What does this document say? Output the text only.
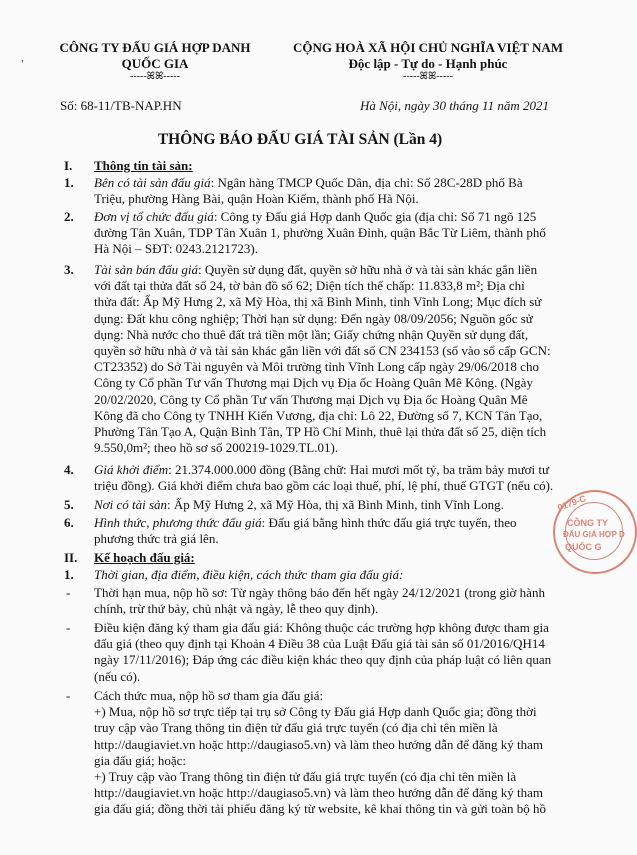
,
CÔNG TY ĐẤU GIÁ HỢP DANH
QUỐC GIA
-----ꕤꕤ-----
CỘNG HOÀ XÃ HỘI CHỦ NGHĨA VIỆT NAM
Độc lập - Tự do - Hạnh phúc
-----ꕤꕤ-----
Số: 68-11/TB-NAP.HN	Hà Nội, ngày 30 tháng 11 năm 2021
THÔNG BÁO ĐẤU GIÁ TÀI SẢN (Lần 4)
I. Thông tin tài sản:
1. Bên có tài sản đấu giá: Ngân hàng TMCP Quốc Dân, địa chỉ: Số 28C-28D phố Bà
Triệu, phường Hàng Bài, quận Hoàn Kiếm, thành phố Hà Nội.
2. Đơn vị tổ chức đấu giá: Công ty Đấu giá Hợp danh Quốc gia (địa chỉ: Số 71 ngõ 125
đường Tân Xuân, TDP Tân Xuân 1, phường Xuân Đỉnh, quận Bắc Từ Liêm, thành phố
Hà Nội – SĐT: 0243.2121723).
3. Tài sản bán đấu giá: Quyền sử dụng đất, quyền sở hữu nhà ở và tài sản khác gắn liền
với đất tại thửa đất số 24, tờ bản đồ số 62; Diện tích thế chấp: 11.833,8 m²; Địa chỉ
thửa đất: Ấp Mỹ Hưng 2, xã Mỹ Hòa, thị xã Bình Minh, tỉnh Vĩnh Long; Mục đích sử
dụng: Đất khu công nghiệp; Thời hạn sử dụng: Đến ngày 08/09/2056; Nguồn gốc sử
dụng: Nhà nước cho thuê đất trả tiền một lần; Giấy chứng nhận Quyền sử dụng đất,
quyền sở hữu nhà ở và tài sản khác gắn liền với đất số CN 234153 (số vào sổ cấp GCN:
CT23352) do Sở Tài nguyên và Môi trường tỉnh Vĩnh Long cấp ngày 29/06/2018 cho
Công ty Cổ phần Tư vấn Thương mại Dịch vụ Địa ốc Hoàng Quân Mê Kông. (Ngày
20/02/2020, Công ty Cổ phần Tư vấn Thương mại Dịch vụ Địa ốc Hoàng Quân Mê
Kông đã cho Công ty TNHH Kiến Vương, địa chỉ: Lô 22, Đường số 7, KCN Tân Tạo,
Phường Tân Tạo A, Quận Bình Tân, TP Hồ Chí Minh, thuê lại thửa đất số 25, diện tích
9.550,0m²; theo hồ sơ số 200219-1029.TL.01).
4. Giá khởi điểm: 21.374.000.000 đồng (Bằng chữ: Hai mươi mốt tỷ, ba trăm bảy mươi tư
triệu đồng). Giá khởi điểm chưa bao gồm các loại thuế, phí, lệ phí, thuế GTGT (nếu có).
5. Nơi có tài sản: Ấp Mỹ Hưng 2, xã Mỹ Hòa, thị xã Bình Minh, tỉnh Vĩnh Long.
6. Hình thức, phương thức đấu giá: Đấu giá bằng hình thức đấu giá trực tuyến, theo
phương thức trả giá lên.
II. Kế hoạch đấu giá:
1. Thời gian, địa điểm, điều kiện, cách thức tham gia đấu giá:
- Thời hạn mua, nộp hồ sơ: Từ ngày thông báo đến hết ngày 24/12/2021 (trong giờ hành
chính, trừ thứ bảy, chủ nhật và ngày, lễ theo quy định).
- Điều kiện đăng ký tham gia đấu giá: Không thuộc các trường hợp không được tham gia
đấu giá (theo quy định tại Khoản 4 Điều 38 của Luật Đấu giá tài sản số 01/2016/QH14
ngày 17/11/2016); Đáp ứng các điều kiện khác theo quy định của pháp luật có liên quan
(nếu có).
- Cách thức mua, nộp hồ sơ tham gia đấu giá:
+) Mua, nộp hồ sơ trực tiếp tại trụ sở Công ty Đấu giá Hợp danh Quốc gia; đồng thời
truy cập vào Trang thông tin điện tử đấu giá trực tuyến (có địa chỉ tên miền là
http://daugiaviet.vn hoặc http://daugiaso5.vn) và làm theo hướng dẫn để đăng ký tham
gia đấu giá; hoặc:
+) Truy cập vào Trang thông tin điện tử đấu giá trực tuyến (có địa chỉ tên miền là
http://daugiaviet.vn hoặc http://daugiaso5.vn) và làm theo hướng dẫn để đăng ký tham
gia đấu giá; đồng thời tải phiếu đăng ký từ website, kê khai thông tin và gửi toàn bộ hồ
0179-C
CÔNG TY
ĐẤU GIÁ HỢP D
QUỐC G
